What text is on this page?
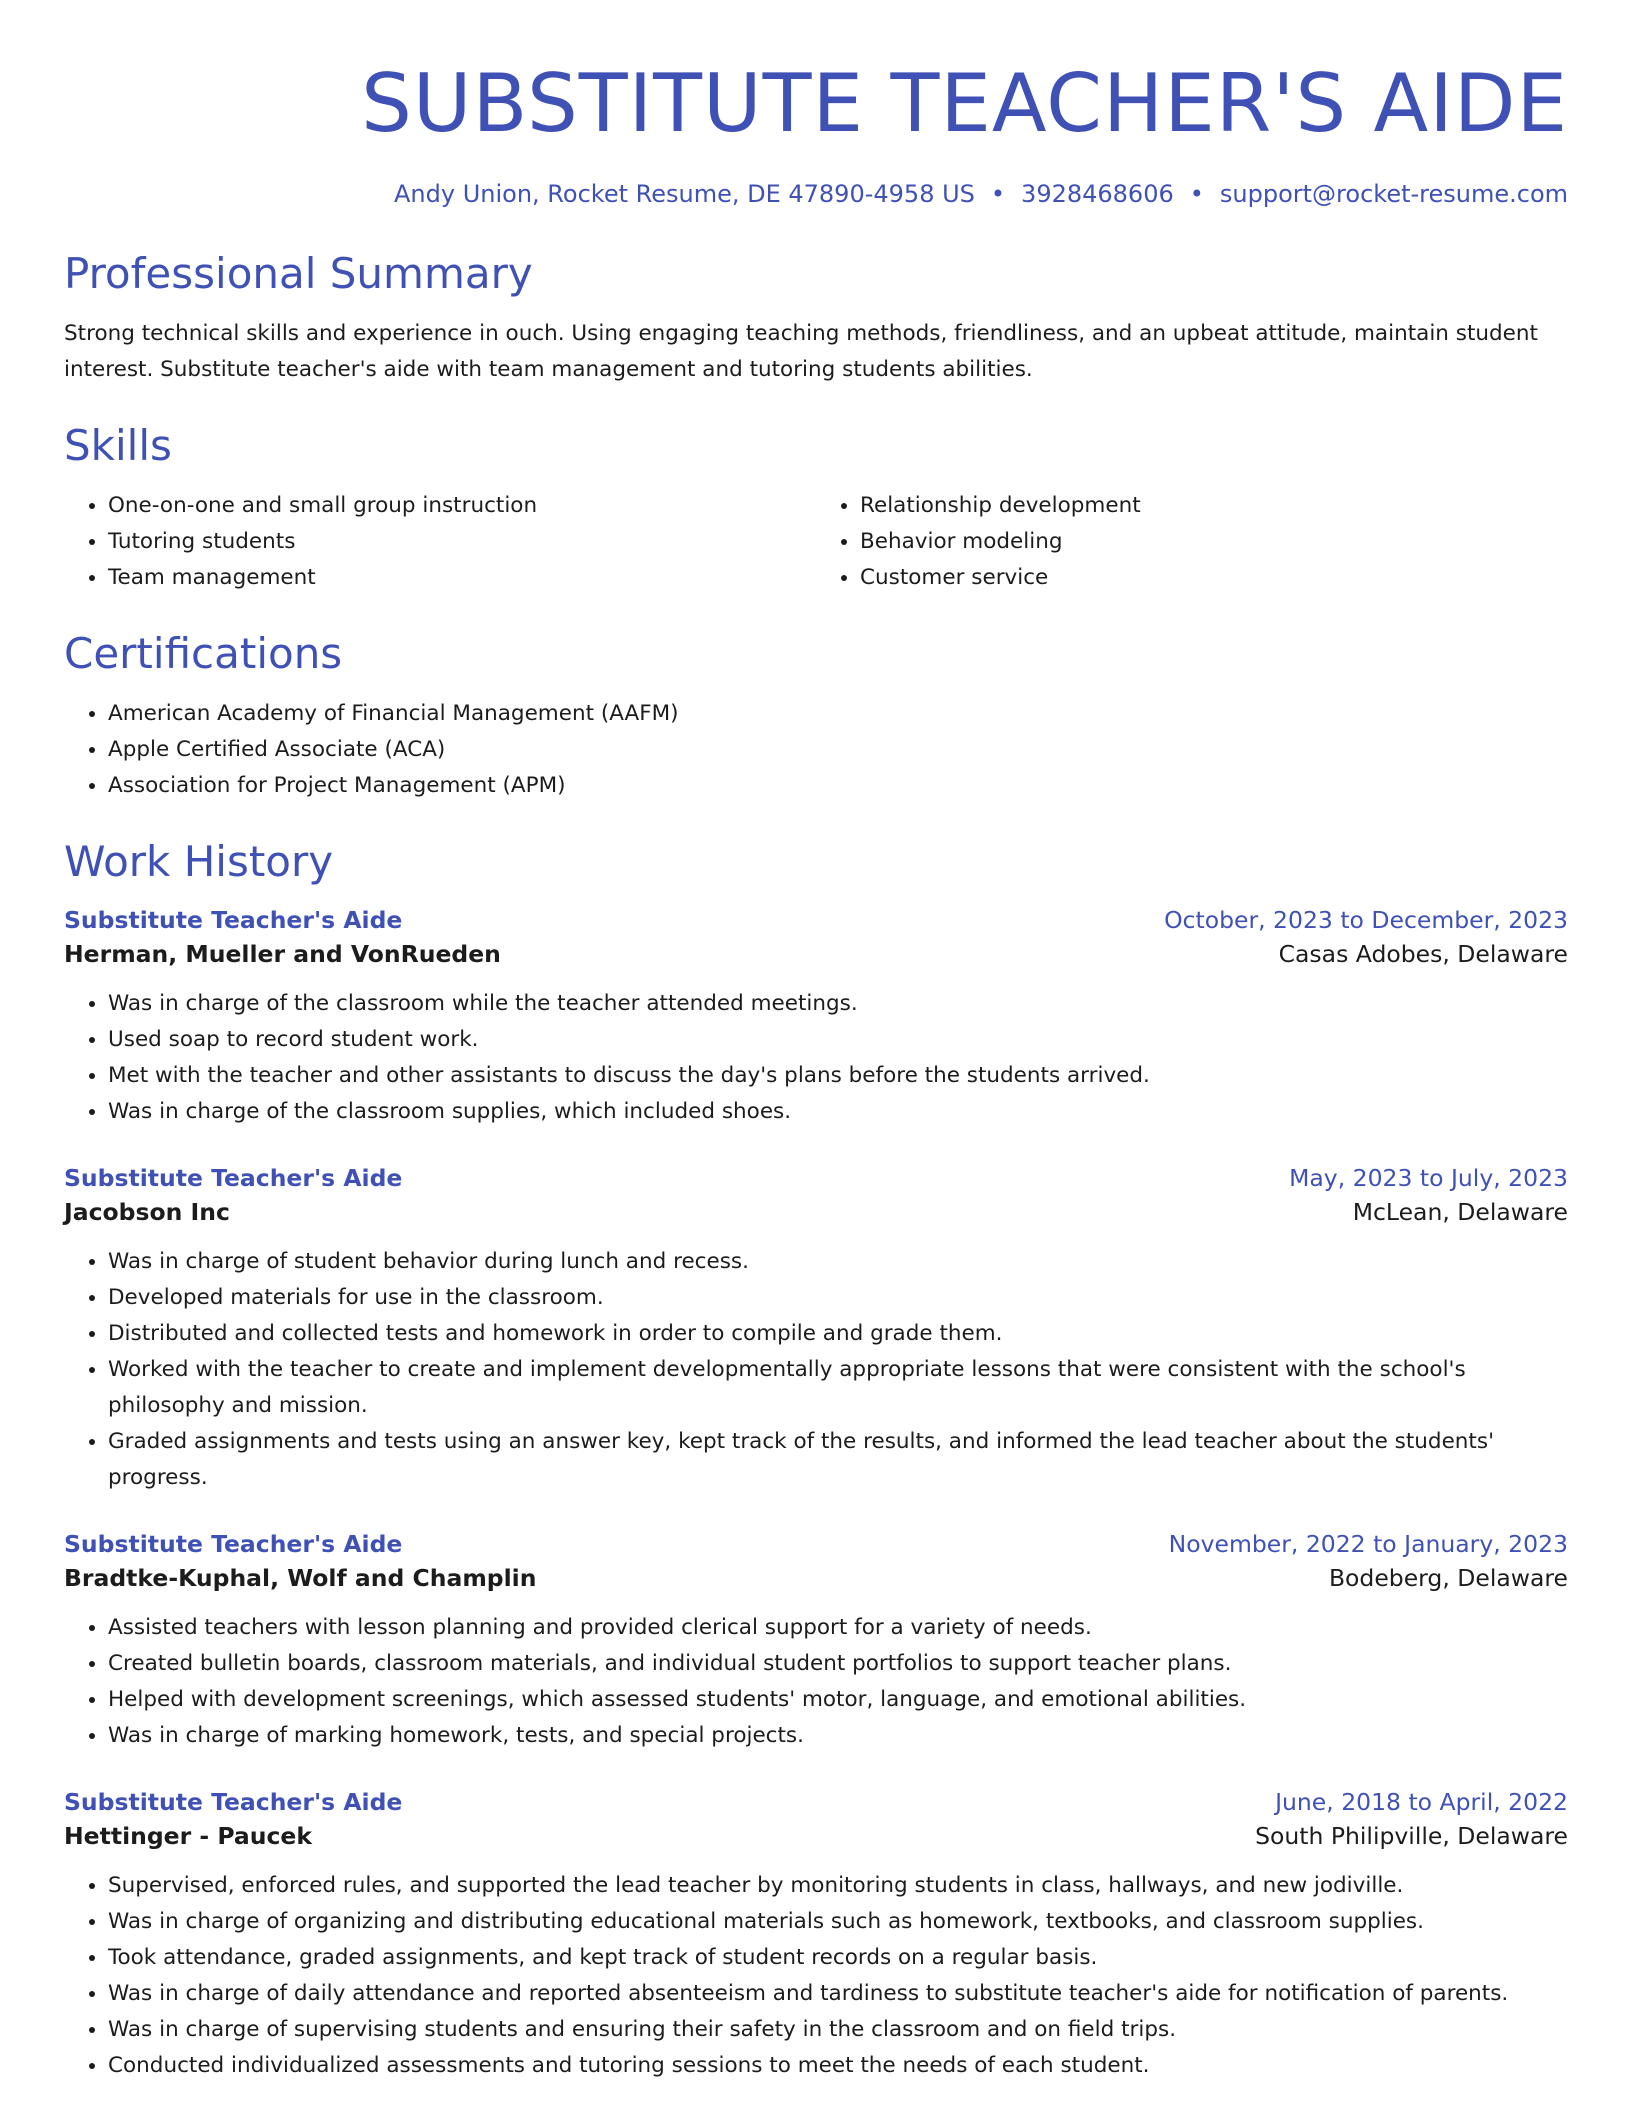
SUBSTITUTE TEACHER'S AIDE
Andy Union, Rocket Resume, DE 47890-4958 US • 3928468606 • support@rocket-resume.com
Professional Summary

Strong technical skills and experience in ouch. Using engaging teaching methods, friendliness, and an upbeat attitude, maintain student interest. Substitute teacher's aide with team management and tutoring students abilities.

Skills
• One-on-one and small group instruction
• Tutoring students
• Team management
• Relationship development
• Behavior modeling
• Customer service
Certifications
• American Academy of Financial Management (AAFM)
• Apple Certified Associate (ACA)
• Association for Project Management (APM)
Work History
Substitute Teacher's Aide	October, 2023 to December, 2023
Herman, Mueller and VonRueden	Casas Adobes, Delaware
• Was in charge of the classroom while the teacher attended meetings.
• Used soap to record student work.
• Met with the teacher and other assistants to discuss the day's plans before the students arrived.
• Was in charge of the classroom supplies, which included shoes.
Substitute Teacher's Aide	May, 2023 to July, 2023
Jacobson Inc	McLean, Delaware
• Was in charge of student behavior during lunch and recess.
• Developed materials for use in the classroom.
• Distributed and collected tests and homework in order to compile and grade them.
• Worked with the teacher to create and implement developmentally appropriate lessons that were consistent with the school's philosophy and mission.
• Graded assignments and tests using an answer key, kept track of the results, and informed the lead teacher about the students' progress.
Substitute Teacher's Aide	November, 2022 to January, 2023
Bradtke-Kuphal, Wolf and Champlin	Bodeberg, Delaware
• Assisted teachers with lesson planning and provided clerical support for a variety of needs.
• Created bulletin boards, classroom materials, and individual student portfolios to support teacher plans.
• Helped with development screenings, which assessed students' motor, language, and emotional abilities.
• Was in charge of marking homework, tests, and special projects.
Substitute Teacher's Aide	June, 2018 to April, 2022
Hettinger - Paucek	South Philipville, Delaware
• Supervised, enforced rules, and supported the lead teacher by monitoring students in class, hallways, and new jodiville.
• Was in charge of organizing and distributing educational materials such as homework, textbooks, and classroom supplies.
• Took attendance, graded assignments, and kept track of student records on a regular basis.
• Was in charge of daily attendance and reported absenteeism and tardiness to substitute teacher's aide for notification of parents.
• Was in charge of supervising students and ensuring their safety in the classroom and on field trips.
• Conducted individualized assessments and tutoring sessions to meet the needs of each student.
